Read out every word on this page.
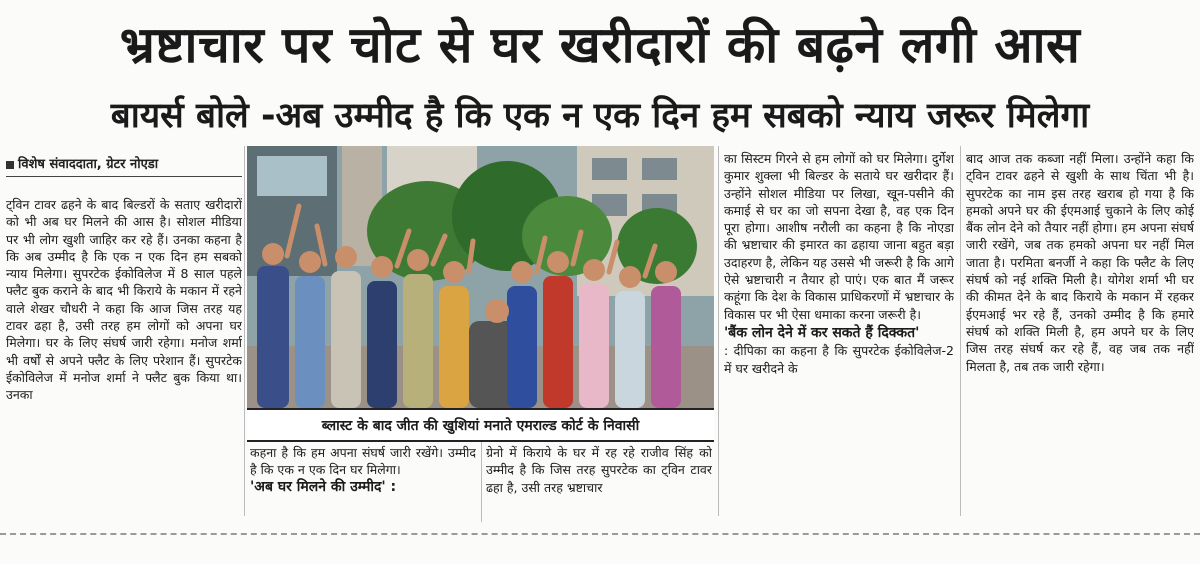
भ्रष्टाचार पर चोट से घर खरीदारों की बढ़ने लगी आस
बायर्स बोले -अब उम्मीद है कि एक न एक दिन हम सबको न्याय जरूर मिलेगा
विशेष संवाददाता, ग्रेटर नोएडा
ट्विन टावर ढहने के बाद बिल्डरों के सताए खरीदारों को भी अब घर मिलने की आस है। सोशल मीडिया पर भी लोग खुशी जाहिर कर रहे हैं। उनका कहना है कि अब उम्मीद है कि एक न एक दिन हम सबको न्याय मिलेगा। सुपरटेक ईकोविलेज में 8 साल पहले फ्लैट बुक कराने के बाद भी किराये के मकान में रहने वाले शेखर चौधरी ने कहा कि आज जिस तरह यह टावर ढहा है, उसी तरह हम लोगों को अपना घर मिलेगा। घर के लिए संघर्ष जारी रहेगा। मनोज शर्मा भी वर्षों से अपने फ्लैट के लिए परेशान हैं। सुपरटेक ईकोविलेज में मनोज शर्मा ने फ्लैट बुक किया था। उनका
ब्लास्ट के बाद जीत की खुशियां मनाते एमराल्ड कोर्ट के निवासी
कहना है कि हम अपना संघर्ष जारी रखेंगे। उम्मीद है कि एक न एक दिन घर मिलेगा।
'अब घर मिलने की उम्मीद' :
ग्रेनो में किराये के घर में रह रहे राजीव सिंह को उम्मीद है कि जिस तरह सुपरटेक का ट्विन टावर ढहा है, उसी तरह भ्रष्टाचार
का सिस्टम गिरने से हम लोगों को घर मिलेगा। दुर्गेश कुमार शुक्ला भी बिल्डर के सताये घर खरीदार हैं। उन्होंने सोशल मीडिया पर लिखा, खून-पसीने की कमाई से घर का जो सपना देखा है, वह एक दिन पूरा होगा। आशीष नरौली का कहना है कि नोएडा की भ्रष्टाचार की इमारत का ढहाया जाना बहुत बड़ा उदाहरण है, लेकिन यह उससे भी जरूरी है कि आगे ऐसे भ्रष्टाचारी न तैयार हो पाएं। एक बात मैं जरूर कहूंगा कि देश के विकास प्राधिकरणों में भ्रष्टाचार के विकास पर भी ऐसा धमाका करना जरूरी है।
'बैंक लोन देने में कर सकते हैं दिक्कत'
: दीपिका का कहना है कि सुपरटेक ईकोविलेज-2 में घर खरीदने के
बाद आज तक कब्जा नहीं मिला। उन्होंने कहा कि ट्विन टावर ढहने से खुशी के साथ चिंता भी है। सुपरटेक का नाम इस तरह खराब हो गया है कि हमको अपने घर की ईएमआई चुकाने के लिए कोई बैंक लोन देने को तैयार नहीं होगा। हम अपना संघर्ष जारी रखेंगे, जब तक हमको अपना घर नहीं मिल जाता है। परमिता बनर्जी ने कहा कि फ्लैट के लिए संघर्ष को नई शक्ति मिली है। योगेश शर्मा भी घर की कीमत देने के बाद किराये के मकान में रहकर ईएमआई भर रहे हैं, उनको उम्मीद है कि हमारे संघर्ष को शक्ति मिली है, हम अपने घर के लिए जिस तरह संघर्ष कर रहे हैं, वह जब तक नहीं मिलता है, तब तक जारी रहेगा।
